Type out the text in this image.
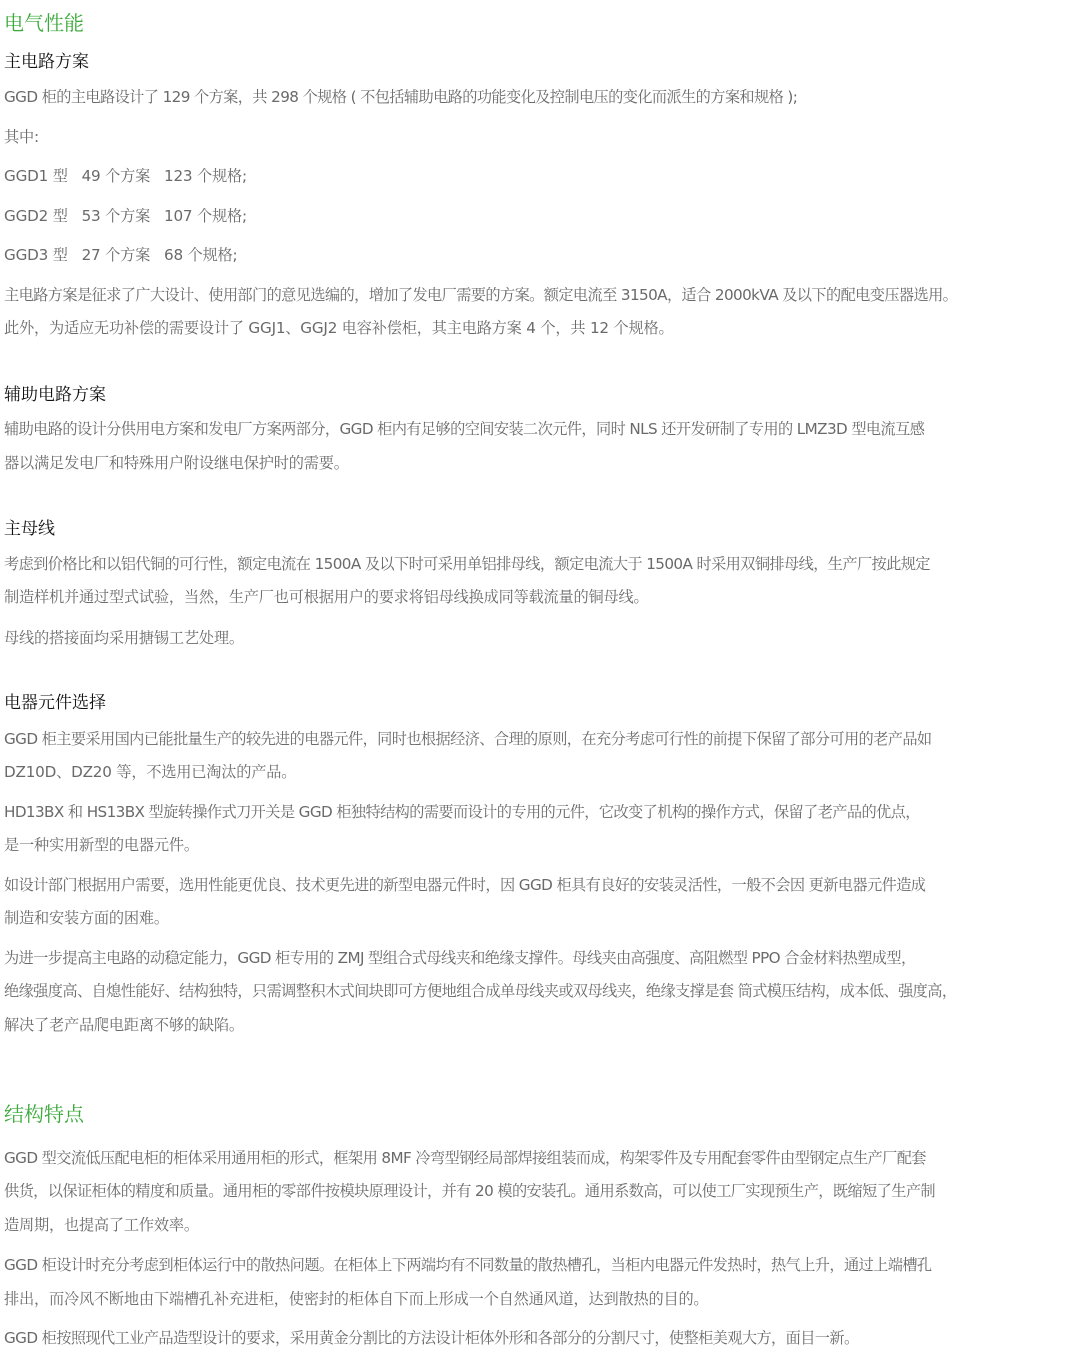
电气性能
主电路方案
GGD 柜的主电路设计了 129 个方案，共 298 个规格 ( 不包括辅助电路的功能变化及控制电压的变化而派生的方案和规格 );
其中:
GGD1 型   49 个方案   123 个规格;
GGD2 型   53 个方案   107 个规格;
GGD3 型   27 个方案   68 个规格;
主电路方案是征求了广大设计、使用部门的意见选编的，增加了发电厂需要的方案。额定电流至 3150A，适合 2000kVA 及以下的配电变压器选用。
此外，为适应无功补偿的需要设计了 GGJ1、GGJ2 电容补偿柜，其主电路方案 4 个，共 12 个规格。
辅助电路方案
辅助电路的设计分供用电方案和发电厂方案两部分，GGD 柜内有足够的空间安装二次元件，同时 NLS 还开发研制了专用的 LMZ3D 型电流互感
器以满足发电厂和特殊用户附设继电保护时的需要。
主母线
考虑到价格比和以铝代铜的可行性，额定电流在 1500A 及以下时可采用单铝排母线，额定电流大于 1500A 时采用双铜排母线，生产厂按此规定
制造样机并通过型式试验，当然，生产厂也可根据用户的要求将铝母线换成同等载流量的铜母线。
母线的搭接面均采用搪锡工艺处理。
电器元件选择
GGD 柜主要采用国内已能批量生产的较先进的电器元件，同时也根据经济、合理的原则，在充分考虑可行性的前提下保留了部分可用的老产品如
DZ10D、DZ20 等，不选用已淘汰的产品。
HD13BX 和 HS13BX 型旋转操作式刀开关是 GGD 柜独特结构的需要而设计的专用的元件，它改变了机构的操作方式，保留了老产品的优点，
是一种实用新型的电器元件。
如设计部门根据用户需要，选用性能更优良、技术更先进的新型电器元件时，因 GGD 柜具有良好的安装灵活性，一般不会因 更新电器元件造成
制造和安装方面的困难。
为进一步提高主电路的动稳定能力，GGD 柜专用的 ZMJ 型组合式母线夹和绝缘支撑件。母线夹由高强度、高阻燃型 PPO 合金材料热塑成型，
绝缘强度高、自熄性能好、结构独特，只需调整积木式间块即可方便地组合成单母线夹或双母线夹，绝缘支撑是套 筒式模压结构，成本低、强度高，
解决了老产品爬电距离不够的缺陷。
结构特点
GGD 型交流低压配电柜的柜体采用通用柜的形式，框架用 8MF 冷弯型钢经局部焊接组装而成，构架零件及专用配套零件由型钢定点生产厂配套
供货，以保证柜体的精度和质量。通用柜的零部件按模块原理设计，并有 20 模的安装孔。通用系数高，可以使工厂实现预生产，既缩短了生产制
造周期，也提高了工作效率。
GGD 柜设计时充分考虑到柜体运行中的散热问题。在柜体上下两端均有不同数量的散热槽孔，当柜内电器元件发热时，热气上升，通过上端槽孔
排出，而冷风不断地由下端槽孔补充进柜，使密封的柜体自下而上形成一个自然通风道，达到散热的目的。
GGD 柜按照现代工业产品造型设计的要求，采用黄金分割比的方法设计柜体外形和各部分的分割尺寸，使整柜美观大方，面目一新。
